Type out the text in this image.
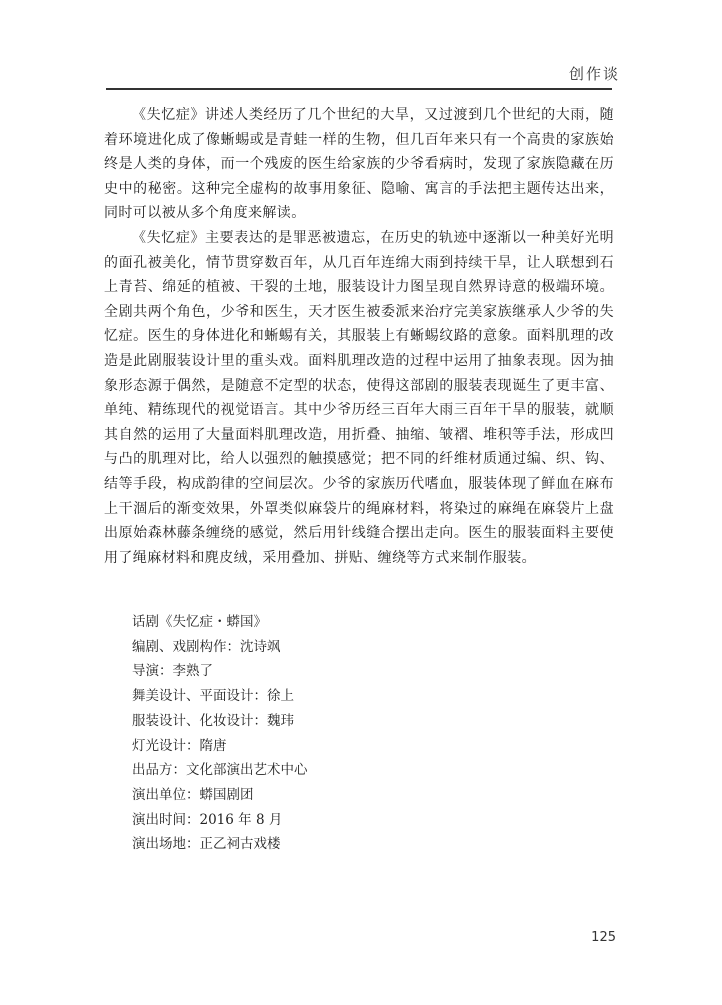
创作谈

《失忆症》讲述人类经历了几个世纪的大旱，又过渡到几个世纪的大雨，随着环境进化成了像蜥蜴或是青蛙一样的生物，但几百年来只有一个高贵的家族始终是人类的身体，而一个残废的医生给家族的少爷看病时，发现了家族隐藏在历史中的秘密。这种完全虚构的故事用象征、隐喻、寓言的手法把主题传达出来，同时可以被从多个角度来解读。

《失忆症》主要表达的是罪恶被遗忘，在历史的轨迹中逐渐以一种美好光明的面孔被美化，情节贯穿数百年，从几百年连绵大雨到持续干旱，让人联想到石上青苔、绵延的植被、干裂的土地，服装设计力图呈现自然界诗意的极端环境。全剧共两个角色，少爷和医生，天才医生被委派来治疗完美家族继承人少爷的失忆症。医生的身体进化和蜥蜴有关，其服装上有蜥蜴纹路的意象。面料肌理的改造是此剧服装设计里的重头戏。面料肌理改造的过程中运用了抽象表现。因为抽象形态源于偶然，是随意不定型的状态，使得这部剧的服装表现诞生了更丰富、单纯、精练现代的视觉语言。其中少爷历经三百年大雨三百年干旱的服装，就顺其自然的运用了大量面料肌理改造，用折叠、抽缩、皱褶、堆积等手法，形成凹与凸的肌理对比，给人以强烈的触摸感觉；把不同的纤维材质通过编、织、钩、结等手段，构成韵律的空间层次。少爷的家族历代嗜血，服装体现了鲜血在麻布上干涸后的渐变效果，外罩类似麻袋片的绳麻材料，将染过的麻绳在麻袋片上盘出原始森林藤条缠绕的感觉，然后用针线缝合摆出走向。医生的服装面料主要使用了绳麻材料和麂皮绒，采用叠加、拼贴、缠绕等方式来制作服装。

话剧《失忆症・蟒国》
编剧、戏剧构作：沈诗飒
导演：李熟了
舞美设计、平面设计：徐上
服装设计、化妆设计：魏玮
灯光设计：隋唐
出品方：文化部演出艺术中心
演出单位：蟒国剧团
演出时间：2016 年 8 月
演出场地：正乙祠古戏楼
125
